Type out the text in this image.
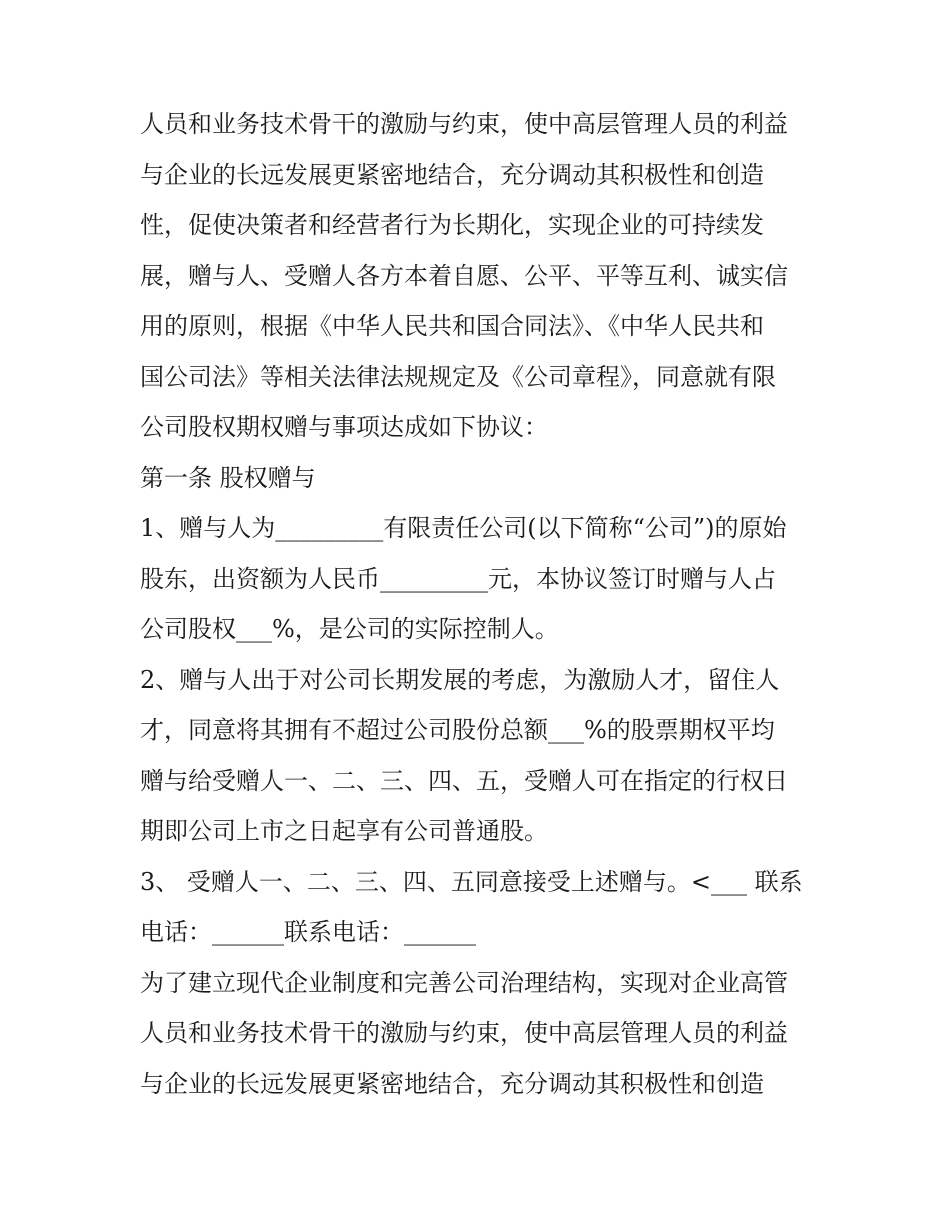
人员和业务技术骨干的激励与约束，使中高层管理人员的利益
与企业的长远发展更紧密地结合，充分调动其积极性和创造
性，促使决策者和经营者行为长期化，实现企业的可持续发
展，赠与人、受赠人各方本着自愿、公平、平等互利、诚实信
用的原则，根据《中华人民共和国合同法》、《中华人民共和
国公司法》等相关法律法规规定及《公司章程》，同意就有限
公司股权期权赠与事项达成如下协议：
第一条 股权赠与
1、赠与人为_________有限责任公司(以下简称“公司”)的原始
股东，出资额为人民币_________元，本协议签订时赠与人占
公司股权___%，是公司的实际控制人。
2、赠与人出于对公司长期发展的考虑，为激励人才，留住人
才，同意将其拥有不超过公司股份总额___%的股票期权平均
赠与给受赠人一、二、三、四、五，受赠人可在指定的行权日
期即公司上市之日起享有公司普通股。
3、 受赠人一、二、三、四、五同意接受上述赠与。<___ 联系
电话：______联系电话：______
为了建立现代企业制度和完善公司治理结构，实现对企业高管
人员和业务技术骨干的激励与约束，使中高层管理人员的利益
与企业的长远发展更紧密地结合，充分调动其积极性和创造
